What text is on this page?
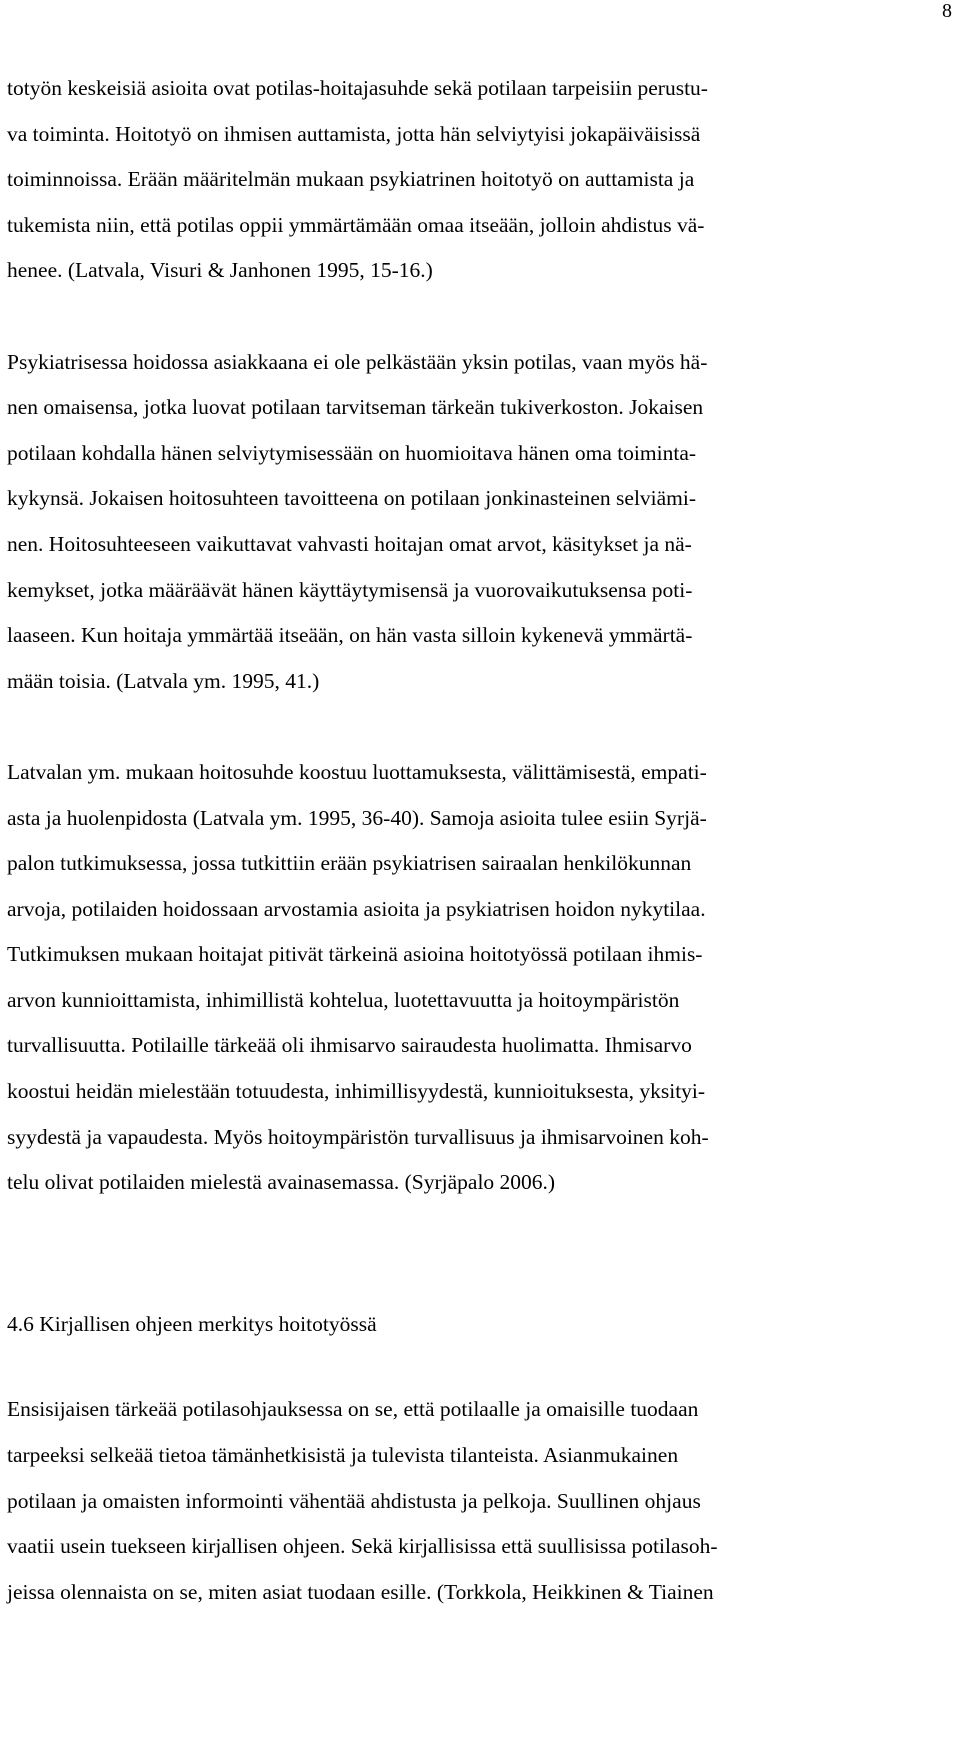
8
totyön keskeisiä asioita ovat potilas-hoitajasuhde sekä potilaan tarpeisiin perustu-
va toiminta. Hoitotyö on ihmisen auttamista, jotta hän selviytyisi jokapäiväisissä
toiminnoissa. Erään määritelmän mukaan psykiatrinen hoitotyö on auttamista ja
tukemista niin, että potilas oppii ymmärtämään omaa itseään, jolloin ahdistus vä-
henee. (Latvala, Visuri & Janhonen 1995, 15-16.)
Psykiatrisessa hoidossa asiakkaana ei ole pelkästään yksin potilas, vaan myös hä-
nen omaisensa, jotka luovat potilaan tarvitseman tärkeän tukiverkoston. Jokaisen
potilaan kohdalla hänen selviytymisessään on huomioitava hänen oma toiminta-
kykynsä. Jokaisen hoitosuhteen tavoitteena on potilaan jonkinasteinen selviämi-
nen. Hoitosuhteeseen vaikuttavat vahvasti hoitajan omat arvot, käsitykset ja nä-
kemykset, jotka määräävät hänen käyttäytymisensä ja vuorovaikutuksensa poti-
laaseen. Kun hoitaja ymmärtää itseään, on hän vasta silloin kykenevä ymmärtä-
mään toisia. (Latvala ym. 1995, 41.)
Latvalan ym. mukaan hoitosuhde koostuu luottamuksesta, välittämisestä, empati-
asta ja huolenpidosta (Latvala ym. 1995, 36-40). Samoja asioita tulee esiin Syrjä-
palon tutkimuksessa, jossa tutkittiin erään psykiatrisen sairaalan henkilökunnan
arvoja, potilaiden hoidossaan arvostamia asioita ja psykiatrisen hoidon nykytilaa.
Tutkimuksen mukaan hoitajat pitivät tärkeinä asioina hoitotyössä potilaan ihmis-
arvon kunnioittamista, inhimillistä kohtelua, luotettavuutta ja hoitoympäristön
turvallisuutta. Potilaille tärkeää oli ihmisarvo sairaudesta huolimatta. Ihmisarvo
koostui heidän mielestään totuudesta, inhimillisyydestä, kunnioituksesta, yksityi-
syydestä ja vapaudesta. Myös hoitoympäristön turvallisuus ja ihmisarvoinen koh-
telu olivat potilaiden mielestä avainasemassa. (Syrjäpalo 2006.)
4.6 Kirjallisen ohjeen merkitys hoitotyössä
Ensisijaisen tärkeää potilasohjauksessa on se, että potilaalle ja omaisille tuodaan
tarpeeksi selkeää tietoa tämänhetkisistä ja tulevista tilanteista. Asianmukainen
potilaan ja omaisten informointi vähentää ahdistusta ja pelkoja. Suullinen ohjaus
vaatii usein tuekseen kirjallisen ohjeen. Sekä kirjallisissa että suullisissa potilasoh-
jeissa olennaista on se, miten asiat tuodaan esille. (Torkkola, Heikkinen & Tiainen
